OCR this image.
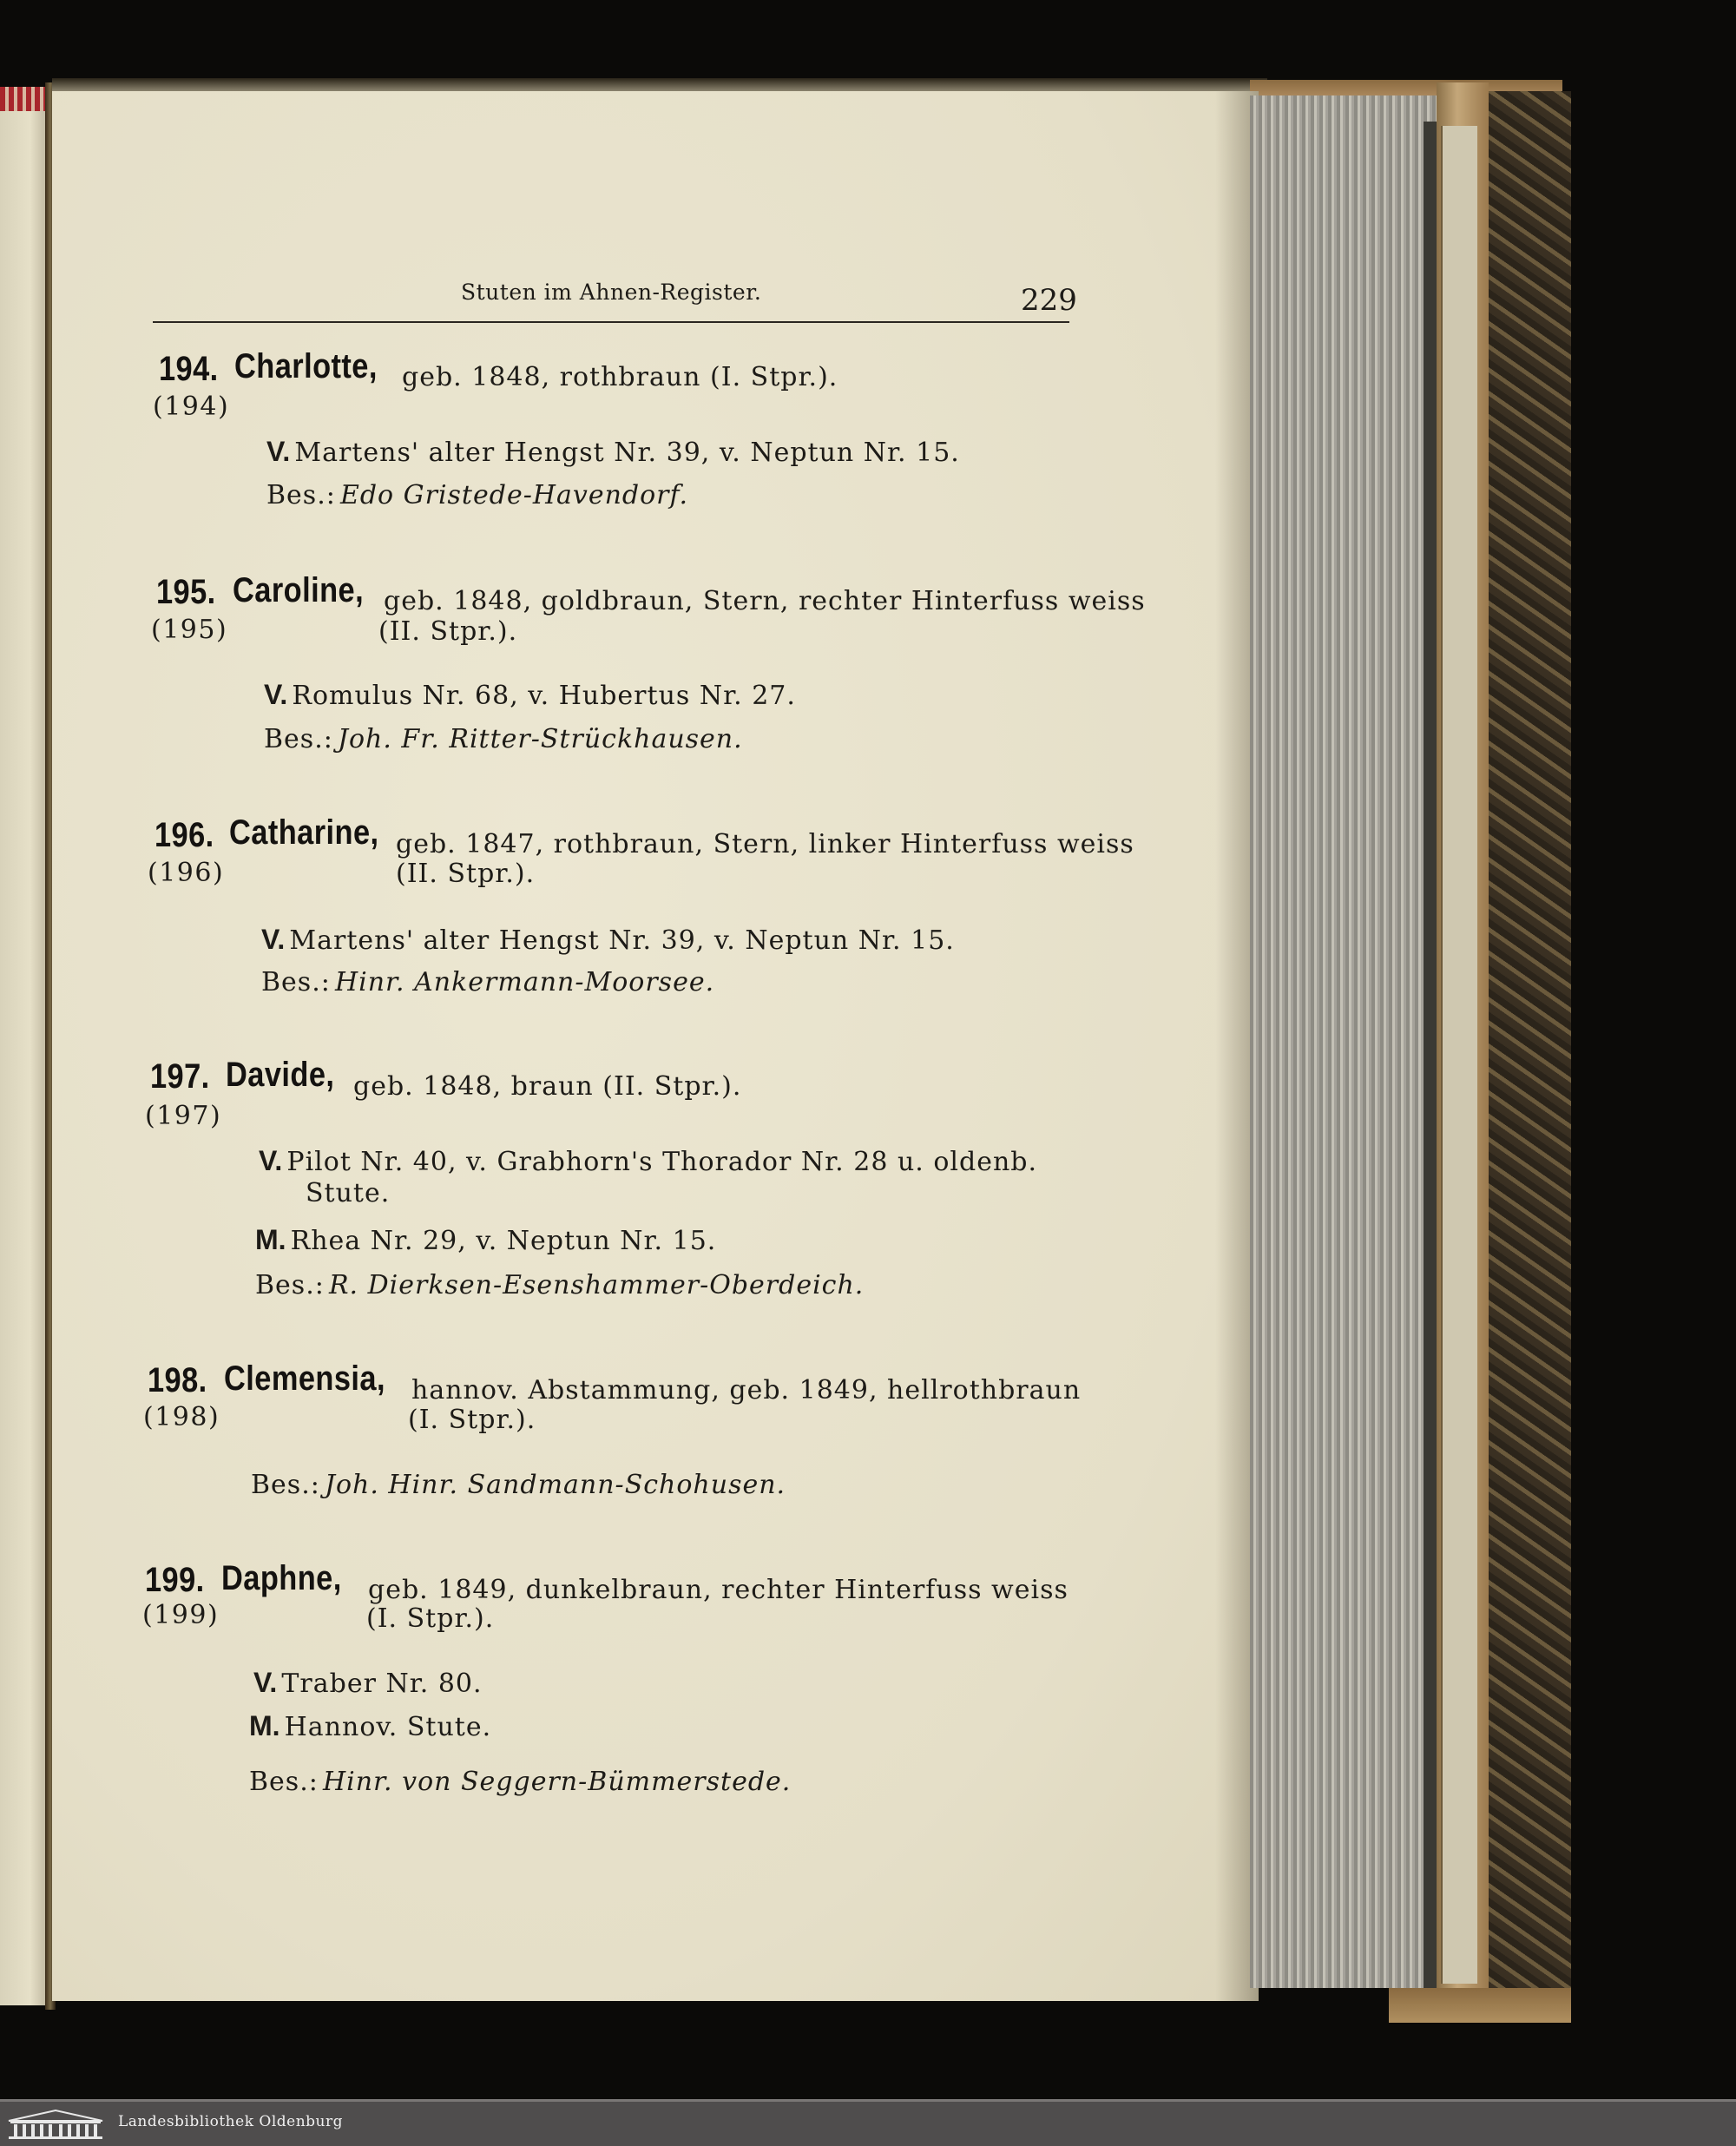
Stuten im Ahnen-Register.	229
194. Charlotte, geb. 1848, rothbraun (I. Stpr.).
(194)
V. Martens' alter Hengst Nr. 39, v. Neptun Nr. 15.
Bes.: Edo Gristede-Havendorf.
195. Caroline, geb. 1848, goldbraun, Stern, rechter Hinterfuss weiss
(195)	(II. Stpr.).
V. Romulus Nr. 68, v. Hubertus Nr. 27.
Bes.: Joh. Fr. Ritter-Strückhausen.
196. Catharine, geb. 1847, rothbraun, Stern, linker Hinterfuss weiss
(196)	(II. Stpr.).
V. Martens' alter Hengst Nr. 39, v. Neptun Nr. 15.
Bes.: Hinr. Ankermann-Moorsee.
197. Davide, geb. 1848, braun (II. Stpr.).
(197)
V. Pilot Nr. 40, v. Grabhorn's Thorador Nr. 28 u. oldenb.
Stute.
M. Rhea Nr. 29, v. Neptun Nr. 15.
Bes.: R. Dierksen-Esenshammer-Oberdeich.
198. Clemensia, hannov. Abstammung, geb. 1849, hellrothbraun
(198)	(I. Stpr.).
Bes.: Joh. Hinr. Sandmann-Schohusen.
199. Daphne, geb. 1849, dunkelbraun, rechter Hinterfuss weiss
(199)	(I. Stpr.).
V. Traber Nr. 80.
M. Hannov. Stute.
Bes.: Hinr. von Seggern-Bümmerstede.
Landesbibliothek Oldenburg
